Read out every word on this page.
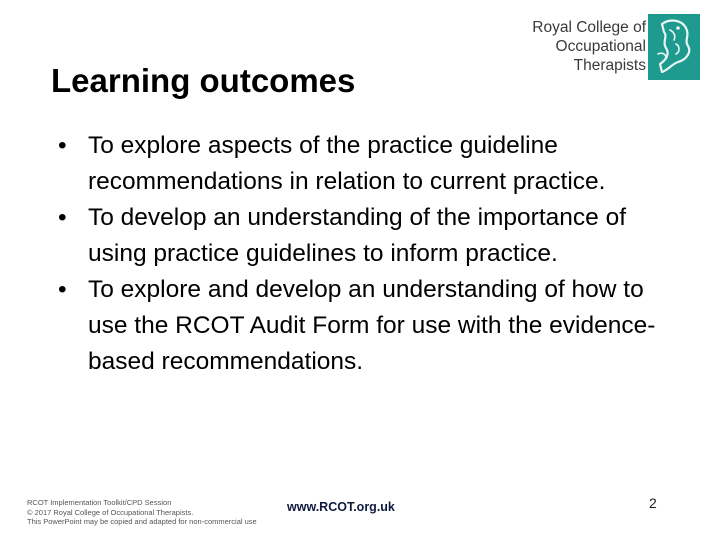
Royal College of
Occupational
Therapists
Learning outcomes
• To explore aspects of the practice guideline recommendations in relation to current practice.
• To develop an understanding of the importance of using practice guidelines to inform practice.
• To explore and develop an understanding of how to use the RCOT Audit Form for use with the evidence-based recommendations.
RCOT Implementation Toolkit/CPD Session
© 2017 Royal College of Occupational Therapists.
This PowerPoint may be copied and adapted for non-commercial use
www.RCOT.org.uk	2
